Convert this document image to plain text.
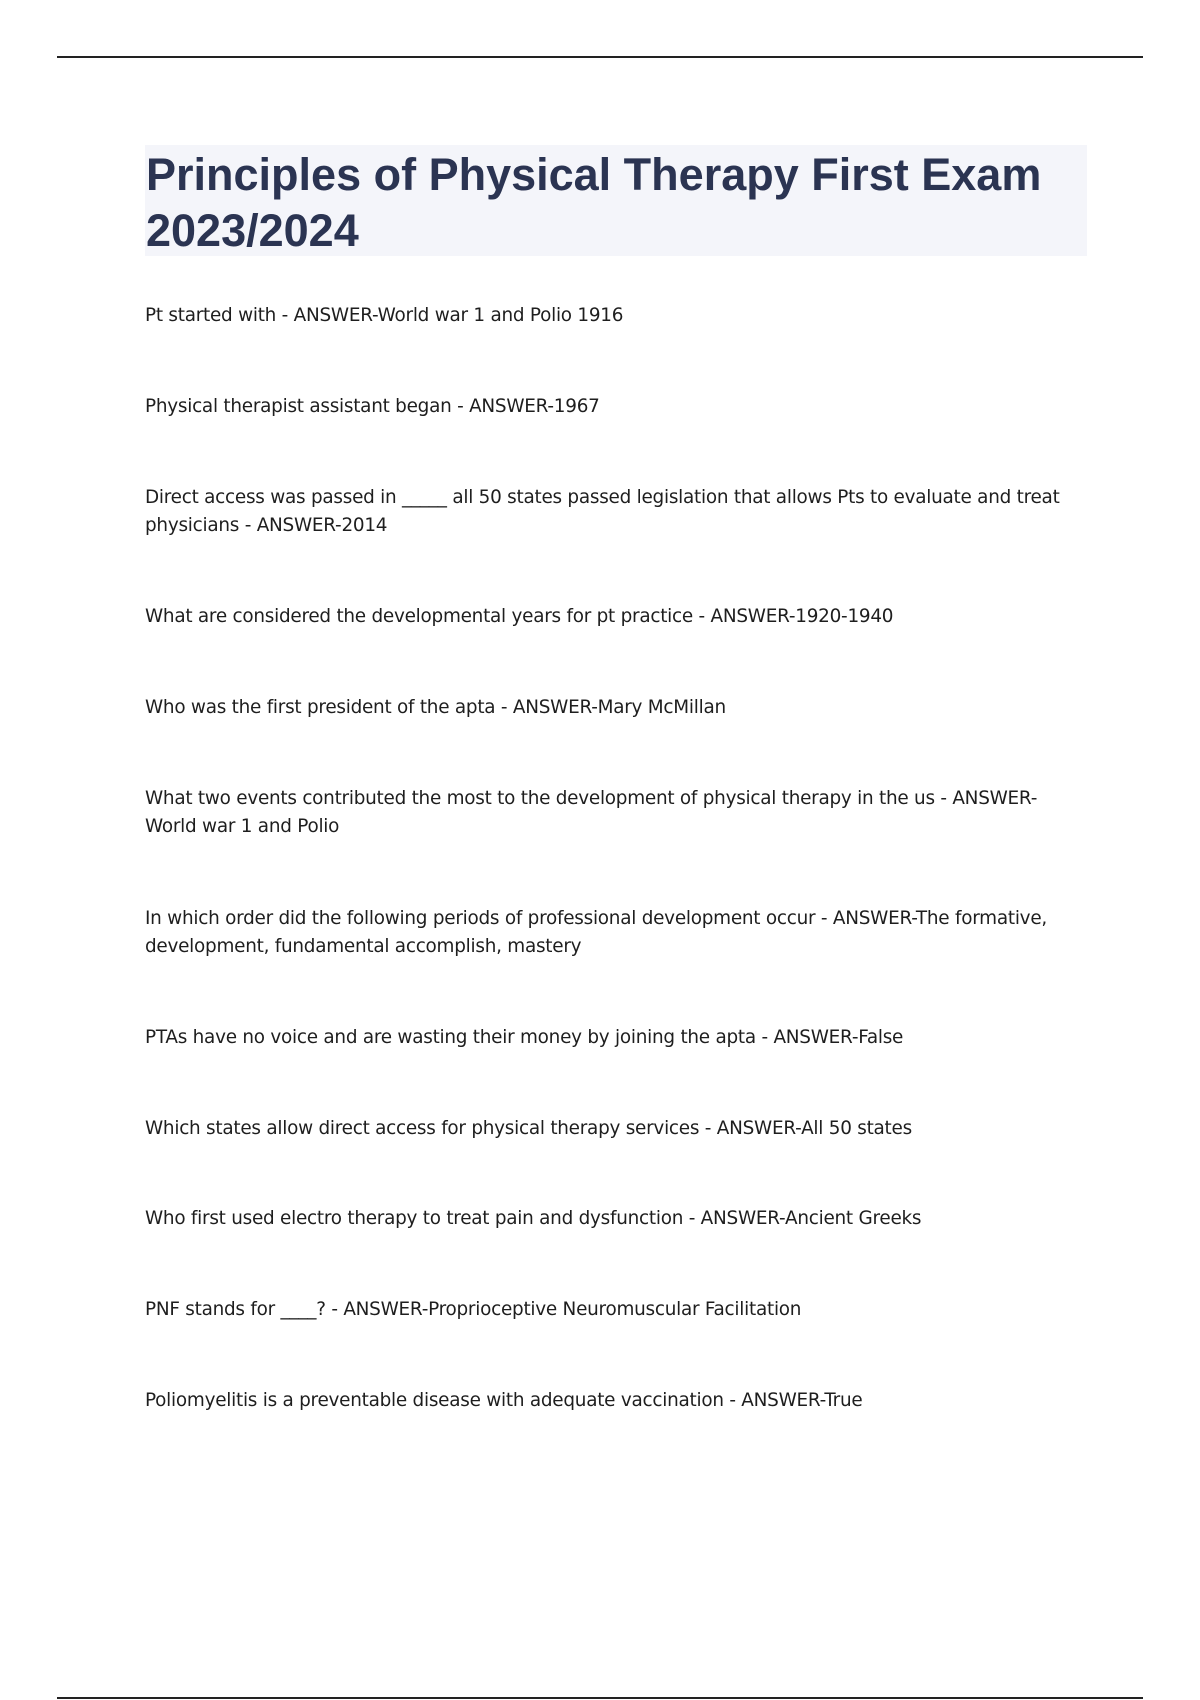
Principles of Physical Therapy First Exam 2023/2024
Pt started with - ANSWER-World war 1 and Polio 1916
Physical therapist assistant began - ANSWER-1967
Direct access was passed in _____ all 50 states passed legislation that allows Pts to evaluate and treat physicians - ANSWER-2014
What are considered the developmental years for pt practice - ANSWER-1920-1940
Who was the first president of the apta - ANSWER-Mary McMillan
What two events contributed the most to the development of physical therapy in the us - ANSWER-World war 1 and Polio
In which order did the following periods of professional development occur - ANSWER-The formative, development, fundamental accomplish, mastery
PTAs have no voice and are wasting their money by joining the apta - ANSWER-False
Which states allow direct access for physical therapy services - ANSWER-All 50 states
Who first used electro therapy to treat pain and dysfunction - ANSWER-Ancient Greeks
PNF stands for ____? - ANSWER-Proprioceptive Neuromuscular Facilitation
Poliomyelitis is a preventable disease with adequate vaccination - ANSWER-True
